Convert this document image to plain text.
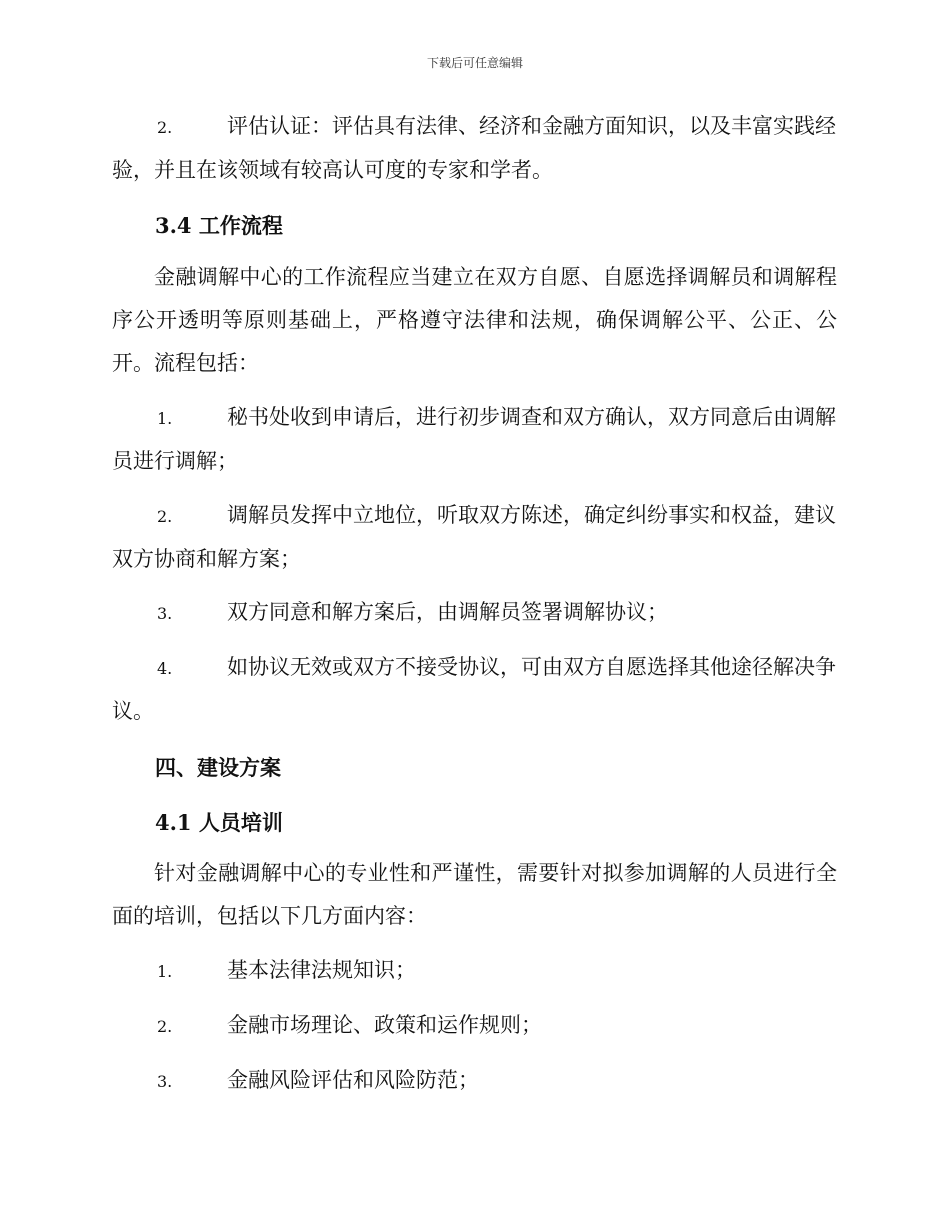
下载后可任意编辑

2.	评估认证：评估具有法律、经济和金融方面知识，以及丰富实践经验，并且在该领域有较高认可度的专家和学者。

3.4 工作流程

金融调解中心的工作流程应当建立在双方自愿、自愿选择调解员和调解程序公开透明等原则基础上，严格遵守法律和法规，确保调解公平、公正、公开。流程包括：

1.	秘书处收到申请后，进行初步调查和双方确认，双方同意后由调解员进行调解；

2.	调解员发挥中立地位，听取双方陈述，确定纠纷事实和权益，建议双方协商和解方案；

3.	双方同意和解方案后，由调解员签署调解协议；

4.	如协议无效或双方不接受协议，可由双方自愿选择其他途径解决争议。

四、建设方案
4.1 人员培训

针对金融调解中心的专业性和严谨性，需要针对拟参加调解的人员进行全面的培训，包括以下几方面内容：

1.	基本法律法规知识；

2.	金融市场理论、政策和运作规则；

3.	金融风险评估和风险防范；
